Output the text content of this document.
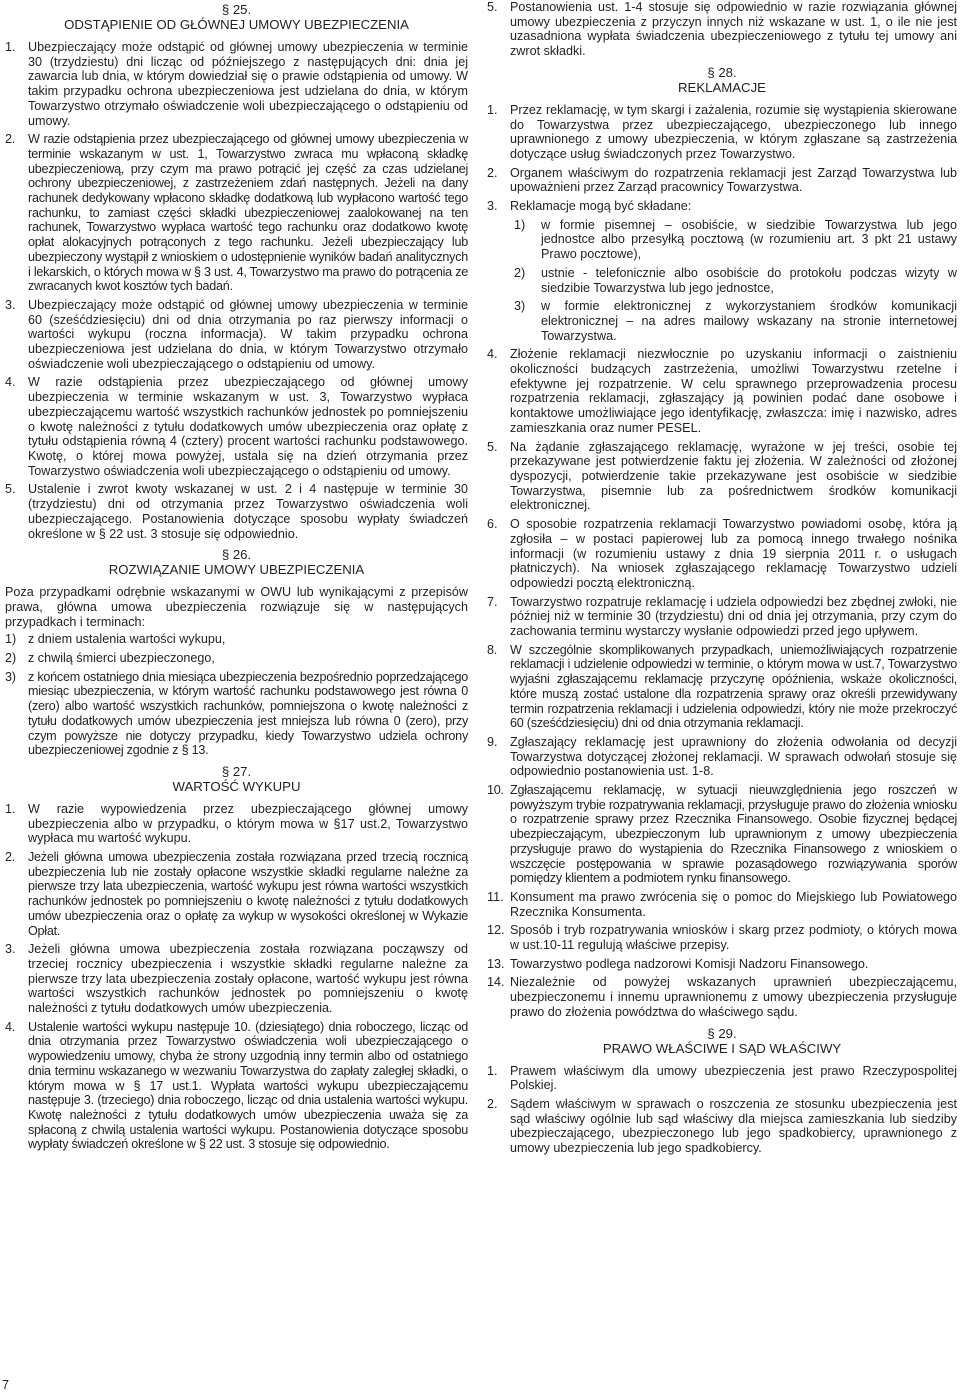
§ 25.

ODSTĄPIENIE OD GŁÓWNEJ UMOWY UBEZPIECZENIA

1. Ubezpieczający może odstąpić od głównej umowy ubezpieczenia w terminie 30 (trzydziestu) dni licząc od późniejszego z następujących dni: dnia jej zawarcia lub dnia, w którym dowiedział się o prawie odstąpienia od umowy. W takim przypadku ochrona ubezpieczeniowa jest udzielana do dnia, w którym Towarzystwo otrzymało oświadczenie woli ubezpieczającego o odstąpieniu od umowy.
2. W razie odstąpienia przez ubezpieczającego od głównej umowy ubezpieczenia w terminie wskazanym w ust. 1, Towarzystwo zwraca mu wpłaconą składkę ubezpieczeniową, przy czym ma prawo potrącić jej część za czas udzielanej ochrony ubezpieczeniowej, z zastrzeżeniem zdań następnych. Jeżeli na dany rachunek dedykowany wpłacono składkę dodatkową lub wypłacono wartość tego rachunku, to zamiast części składki ubezpieczeniowej zaalokowanej na ten rachunek, Towarzystwo wypłaca wartość tego rachunku oraz dodatkowo kwotę opłat alokacyjnych potrąconych z tego rachunku. Jeżeli ubezpieczający lub ubezpieczony wystąpił z wnioskiem o udostępnienie wyników badań analitycznych i lekarskich, o których mowa w § 3 ust. 4, Towarzystwo ma prawo do potrącenia ze zwracanych kwot kosztów tych badań.
3. Ubezpieczający może odstąpić od głównej umowy ubezpieczenia w terminie 60 (sześćdziesięciu) dni od dnia otrzymania po raz pierwszy informacji o wartości wykupu (roczna informacja). W takim przypadku ochrona ubezpieczeniowa jest udzielana do dnia, w którym Towarzystwo otrzymało oświadczenie woli ubezpieczającego o odstąpieniu od umowy.
4. W razie odstąpienia przez ubezpieczającego od głównej umowy ubezpieczenia w terminie wskazanym w ust. 3, Towarzystwo wypłaca ubezpieczającemu wartość wszystkich rachunków jednostek po pomniejszeniu o kwotę należności z tytułu dodatkowych umów ubezpieczenia oraz opłatę z tytułu odstąpienia równą 4 (cztery) procent wartości rachunku podstawowego. Kwotę, o której mowa powyżej, ustala się na dzień otrzymania przez Towarzystwo oświadczenia woli ubezpieczającego o odstąpieniu od umowy.
5. Ustalenie i zwrot kwoty wskazanej w ust. 2 i 4 następuje w terminie 30 (trzydziestu) dni od otrzymania przez Towarzystwo oświadczenia woli ubezpieczającego. Postanowienia dotyczące sposobu wypłaty świadczeń określone w § 22 ust. 3 stosuje się odpowiednio.

§ 26.

ROZWIĄZANIE UMOWY UBEZPIECZENIA

Poza przypadkami odrębnie wskazanymi w OWU lub wynikającymi z przepisów prawa, główna umowa ubezpieczenia rozwiązuje się w następujących przypadkach i terminach:

1) z dniem ustalenia wartości wykupu,
2) z chwilą śmierci ubezpieczonego,
3) z końcem ostatniego dnia miesiąca ubezpieczenia bezpośrednio poprzedzającego miesiąc ubezpieczenia, w którym wartość rachunku podstawowego jest równa 0 (zero) albo wartość wszystkich rachunków, pomniejszona o kwotę należności z tytułu dodatkowych umów ubezpieczenia jest mniejsza lub równa 0 (zero), przy czym powyższe nie dotyczy przypadku, kiedy Towarzystwo udziela ochrony ubezpieczeniowej zgodnie z § 13.

§ 27.

WARTOŚĆ WYKUPU

1. W razie wypowiedzenia przez ubezpieczającego głównej umowy ubezpieczenia albo w przypadku, o którym mowa w §17 ust.2, Towarzystwo wypłaca mu wartość wykupu.
2. Jeżeli główna umowa ubezpieczenia została rozwiązana przed trzecią rocznicą ubezpieczenia lub nie zostały opłacone wszystkie składki regularne należne za pierwsze trzy lata ubezpieczenia, wartość wykupu jest równa wartości wszystkich rachunków jednostek po pomniejszeniu o kwotę należności z tytułu dodatkowych umów ubezpieczenia oraz o opłatę za wykup w wysokości określonej w Wykazie Opłat.
3. Jeżeli główna umowa ubezpieczenia została rozwiązana począwszy od trzeciej rocznicy ubezpieczenia i wszystkie składki regularne należne za pierwsze trzy lata ubezpieczenia zostały opłacone, wartość wykupu jest równa wartości wszystkich rachunków jednostek po pomniejszeniu o kwotę należności z tytułu dodatkowych umów ubezpieczenia.
4. Ustalenie wartości wykupu następuje 10. (dziesiątego) dnia roboczego, licząc od dnia otrzymania przez Towarzystwo oświadczenia woli ubezpieczającego o wypowiedzeniu umowy, chyba że strony uzgodnią inny termin albo od ostatniego dnia terminu wskazanego w wezwaniu Towarzystwa do zapłaty zaległej składki, o którym mowa w § 17 ust.1. Wypłata wartości wykupu ubezpieczającemu następuje 3. (trzeciego) dnia roboczego, licząc od dnia ustalenia wartości wykupu. Kwotę należności z tytułu dodatkowych umów ubezpieczenia uważa się za spłaconą z chwilą ustalenia wartości wykupu. Postanowienia dotyczące sposobu wypłaty świadczeń określone w § 22 ust. 3 stosuje się odpowiednio.
7
5. Postanowienia ust. 1-4 stosuje się odpowiednio w razie rozwiązania głównej umowy ubezpieczenia z przyczyn innych niż wskazane w ust. 1, o ile nie jest uzasadniona wypłata świadczenia ubezpieczeniowego z tytułu tej umowy ani zwrot składki.

§ 28.

REKLAMACJE

1. Przez reklamację, w tym skargi i zażalenia, rozumie się wystąpienia skierowane do Towarzystwa przez ubezpieczającego, ubezpieczonego lub innego uprawnionego z umowy ubezpieczenia, w którym zgłaszane są zastrzeżenia dotyczące usług świadczonych przez Towarzystwo.
2. Organem właściwym do rozpatrzenia reklamacji jest Zarząd Towarzystwa lub upoważnieni przez Zarząd pracownicy Towarzystwa.
3. Reklamacje mogą być składane:
1) w formie pisemnej – osobiście, w siedzibie Towarzystwa lub jego jednostce albo przesyłką pocztową (w rozumieniu art. 3 pkt 21 ustawy Prawo pocztowe),
2) ustnie - telefonicznie albo osobiście do protokołu podczas wizyty w siedzibie Towarzystwa lub jego jednostce,
3) w formie elektronicznej z wykorzystaniem środków komunikacji elektronicznej – na adres mailowy wskazany na stronie internetowej Towarzystwa.
4. Złożenie reklamacji niezwłocznie po uzyskaniu informacji o zaistnieniu okoliczności budzących zastrzeżenia, umożliwi Towarzystwu rzetelne i efektywne jej rozpatrzenie. W celu sprawnego przeprowadzenia procesu rozpatrzenia reklamacji, zgłaszający ją powinien podać dane osobowe i kontaktowe umożliwiające jego identyfikację, zwłaszcza: imię i nazwisko, adres zamieszkania oraz numer PESEL.
5. Na żądanie zgłaszającego reklamację, wyrażone w jej treści, osobie tej przekazywane jest potwierdzenie faktu jej złożenia. W zależności od złożonej dyspozycji, potwierdzenie takie przekazywane jest osobiście w siedzibie Towarzystwa, pisemnie lub za pośrednictwem środków komunikacji elektronicznej.
6. O sposobie rozpatrzenia reklamacji Towarzystwo powiadomi osobę, która ją zgłosiła – w postaci papierowej lub za pomocą innego trwałego nośnika informacji (w rozumieniu ustawy z dnia 19 sierpnia 2011 r. o usługach płatniczych). Na wniosek zgłaszającego reklamację Towarzystwo udzieli odpowiedzi pocztą elektroniczną.
7. Towarzystwo rozpatruje reklamację i udziela odpowiedzi bez zbędnej zwłoki, nie później niż w terminie 30 (trzydziestu) dni od dnia jej otrzymania, przy czym do zachowania terminu wystarczy wysłanie odpowiedzi przed jego upływem.
8. W szczególnie skomplikowanych przypadkach, uniemożliwiających rozpatrzenie reklamacji i udzielenie odpowiedzi w terminie, o którym mowa w ust.7, Towarzystwo wyjaśni zgłaszającemu reklamację przyczynę opóźnienia, wskaże okoliczności, które muszą zostać ustalone dla rozpatrzenia sprawy oraz określi przewidywany termin rozpatrzenia reklamacji i udzielenia odpowiedzi, który nie może przekroczyć 60 (sześćdziesięciu) dni od dnia otrzymania reklamacji.
9. Zgłaszający reklamację jest uprawniony do złożenia odwołania od decyzji Towarzystwa dotyczącej złożonej reklamacji. W sprawach odwołań stosuje się odpowiednio postanowienia ust. 1-8.
10. Zgłaszającemu reklamację, w sytuacji nieuwzględnienia jego roszczeń w powyższym trybie rozpatrywania reklamacji, przysługuje prawo do złożenia wniosku o rozpatrzenie sprawy przez Rzecznika Finansowego. Osobie fizycznej będącej ubezpieczającym, ubezpieczonym lub uprawnionym z umowy ubezpieczenia przysługuje prawo do wystąpienia do Rzecznika Finansowego z wnioskiem o wszczęcie postępowania w sprawie pozasądowego rozwiązywania sporów pomiędzy klientem a podmiotem rynku finansowego.
11. Konsument ma prawo zwrócenia się o pomoc do Miejskiego lub Powiatowego Rzecznika Konsumenta.
12. Sposób i tryb rozpatrywania wniosków i skarg przez podmioty, o których mowa w ust.10-11 regulują właściwe przepisy.
13. Towarzystwo podlega nadzorowi Komisji Nadzoru Finansowego.
14. Niezależnie od powyżej wskazanych uprawnień ubezpieczającemu, ubezpieczonemu i innemu uprawnionemu z umowy ubezpieczenia przysługuje prawo do złożenia powództwa do właściwego sądu.

§ 29.

PRAWO WŁAŚCIWE I SĄD WŁAŚCIWY

1. Prawem właściwym dla umowy ubezpieczenia jest prawo Rzeczypospolitej Polskiej.
2. Sądem właściwym w sprawach o roszczenia ze stosunku ubezpieczenia jest sąd właściwy ogólnie lub sąd właściwy dla miejsca zamieszkania lub siedziby ubezpieczającego, ubezpieczonego lub jego spadkobiercy, uprawnionego z umowy ubezpieczenia lub jego spadkobiercy.
